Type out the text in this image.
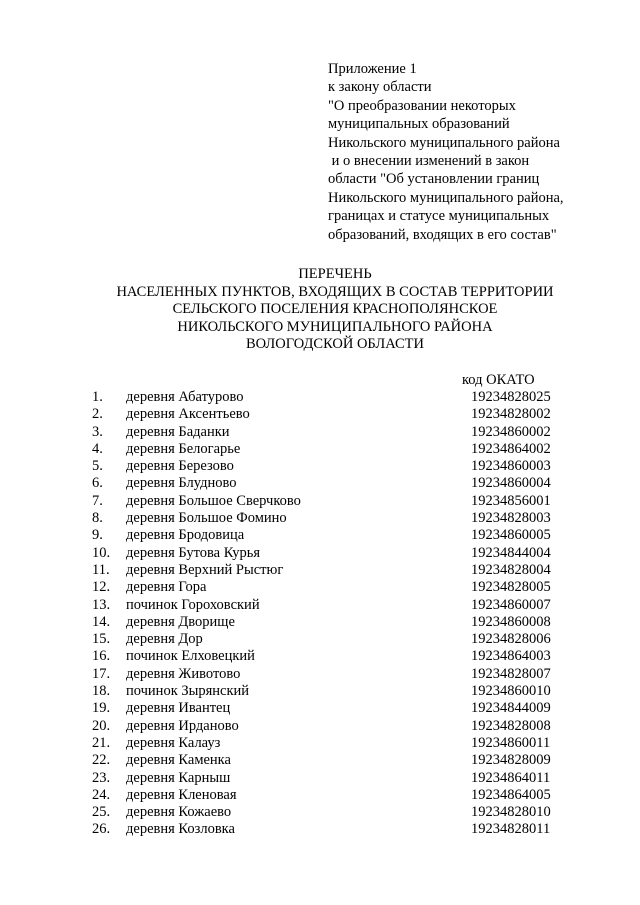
Приложение 1
к закону области
"О преобразовании некоторых
муниципальных образований
Никольского муниципального района
и о внесении изменений в закон
области "Об установлении границ
Никольского муниципального района,
границах и статусе муниципальных
образований, входящих в его состав"
ПЕРЕЧЕНЬ
НАСЕЛЕННЫХ ПУНКТОВ, ВХОДЯЩИХ В СОСТАВ ТЕРРИТОРИИ
СЕЛЬСКОГО ПОСЕЛЕНИЯ КРАСНОПОЛЯНСКОЕ
НИКОЛЬСКОГО МУНИЦИПАЛЬНОГО РАЙОНА
ВОЛОГОДСКОЙ ОБЛАСТИ
код ОКАТО
1. деревня Абатурово	19234828025
2. деревня Аксентьево	19234828002
3. деревня Баданки	19234860002
4. деревня Белогарье	19234864002
5. деревня Березово	19234860003
6. деревня Блудново	19234860004
7. деревня Большое Сверчково	19234856001
8. деревня Большое Фомино	19234828003
9. деревня Бродовица	19234860005
10. деревня Бутова Курья	19234844004
11. деревня Верхний Рыстюг	19234828004
12. деревня Гора	19234828005
13. починок Гороховский	19234860007
14. деревня Дворище	19234860008
15. деревня Дор	19234828006
16. починок Елховецкий	19234864003
17. деревня Животово	19234828007
18. починок Зырянский	19234860010
19. деревня Ивантец	19234844009
20. деревня Ирданово	19234828008
21. деревня Калауз	19234860011
22. деревня Каменка	19234828009
23. деревня Карныш	19234864011
24. деревня Кленовая	19234864005
25. деревня Кожаево	19234828010
26. деревня Козловка	19234828011
